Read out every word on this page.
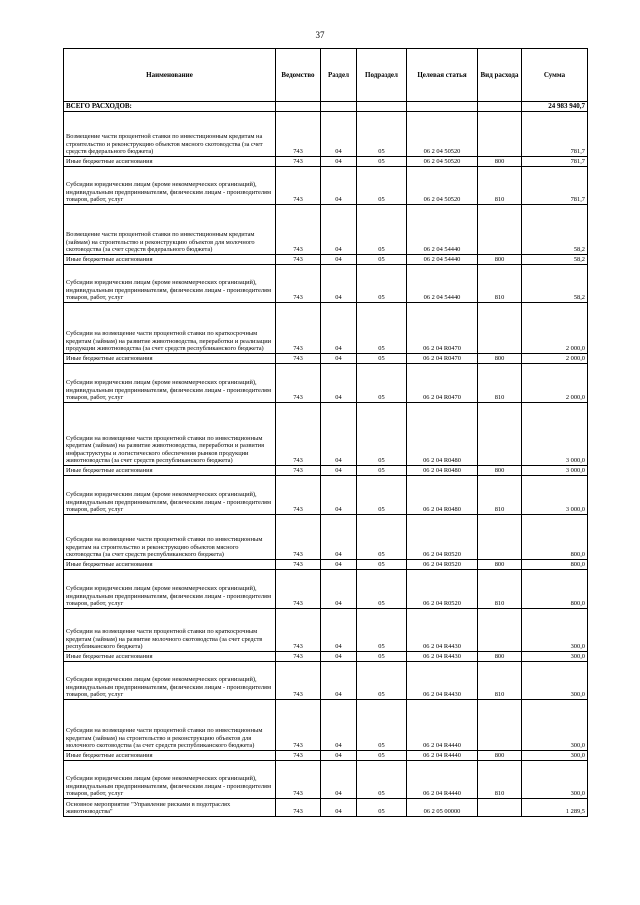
37
Наименование	Ведомство	Раздел	Подраздел	Целевая статья	Вид расхода	Сумма
ВСЕГО РАСХОДОВ:						24 983 940,7
Возмещение части процентной ставки по инвестиционным кредитам на строительство и реконструкцию объектов мясного скотоводства (за счет средств федерального бюджета)	743	04	05	06 2 04 50520		781,7
Иные бюджетные ассигнования	743	04	05	06 2 04 50520	800	781,7
Субсидии юридическим лицам (кроме некоммерческих организаций), индивидуальным предпринимателям, физическим лицам - производителям товаров, работ, услуг	743	04	05	06 2 04 50520	810	781,7
Возмещение части процентной ставки по инвестиционным кредитам (займам) на строительство и реконструкцию объектов для молочного скотоводства (за счет средств федерального бюджета)	743	04	05	06 2 04 54440		58,2
Иные бюджетные ассигнования	743	04	05	06 2 04 54440	800	58,2
Субсидии юридическим лицам (кроме некоммерческих организаций), индивидуальным предпринимателям, физическим лицам - производителям товаров, работ, услуг	743	04	05	06 2 04 54440	810	58,2
Субсидии на возмещение части процентной ставки по краткосрочным кредитам (займам) на развитие животноводства, переработки и реализации продукции животноводства (за счет средств республиканского бюджета)	743	04	05	06 2 04 R0470		2 000,0
Иные бюджетные ассигнования	743	04	05	06 2 04 R0470	800	2 000,0
Субсидии юридическим лицам (кроме некоммерческих организаций), индивидуальным предпринимателям, физическим лицам - производителям товаров, работ, услуг	743	04	05	06 2 04 R0470	810	2 000,0
Субсидии на возмещение части процентной ставки по инвестиционным кредитам (займам) на развитие животноводства, переработки и развития инфраструктуры и логистического обеспечения рынков продукции животноводства (за счет средств республиканского бюджета)	743	04	05	06 2 04 R0480		3 000,0
Иные бюджетные ассигнования	743	04	05	06 2 04 R0480	800	3 000,0
Субсидии юридическим лицам (кроме некоммерческих организаций), индивидуальным предпринимателям, физическим лицам - производителям товаров, работ, услуг	743	04	05	06 2 04 R0480	810	3 000,0
Субсидии на возмещение части процентной ставки по инвестиционным кредитам на строительство и реконструкцию объектов мясного скотоводства (за счет средств республиканского бюджета)	743	04	05	06 2 04 R0520		800,0
Иные бюджетные ассигнования	743	04	05	06 2 04 R0520	800	800,0
Субсидии юридическим лицам (кроме некоммерческих организаций), индивидуальным предпринимателям, физическим лицам - производителям товаров, работ, услуг	743	04	05	06 2 04 R0520	810	800,0
Субсидии на возмещение части процентной ставки по краткосрочным кредитам (займам) на развитие молочного скотоводства (за счет средств республиканского бюджета)	743	04	05	06 2 04 R4430		300,0
Иные бюджетные ассигнования	743	04	05	06 2 04 R4430	800	300,0
Субсидии юридическим лицам (кроме некоммерческих организаций), индивидуальным предпринимателям, физическим лицам - производителям товаров, работ, услуг	743	04	05	06 2 04 R4430	810	300,0
Субсидии на возмещение части процентной ставки по инвестиционным кредитам (займам) на строительство и реконструкцию объектов для молочного скотоводства (за счет средств республиканского бюджета)	743	04	05	06 2 04 R4440		300,0
Иные бюджетные ассигнования	743	04	05	06 2 04 R4440	800	300,0
Субсидии юридическим лицам (кроме некоммерческих организаций), индивидуальным предпринимателям, физическим лицам - производителям товаров, работ, услуг	743	04	05	06 2 04 R4440	810	300,0
Основное мероприятие "Управление рисками в подотраслях животноводства"	743	04	05	06 2 05 00000		1 289,5
